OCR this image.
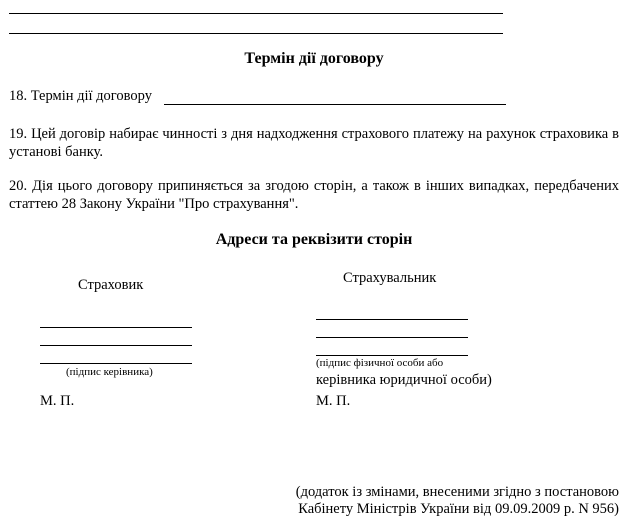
Термін дії договору
18. Термін дії договору
19. Цей договір набирає чинності з дня надходження страхового платежу на рахунок страховика в установі банку.
20. Дія цього договору припиняється за згодою сторін, а також в інших випадках, передбачених статтею 28 Закону України "Про страхування".
Адреси та реквізити сторін
Страховик
(підпис керівника)
М. П.
Страхувальник
(підпис фізичної особи або
керівника юридичної особи)
М. П.
(додаток із змінами, внесеними згідно з постановою
Кабінету Міністрів України від 09.09.2009 р. N 956)
